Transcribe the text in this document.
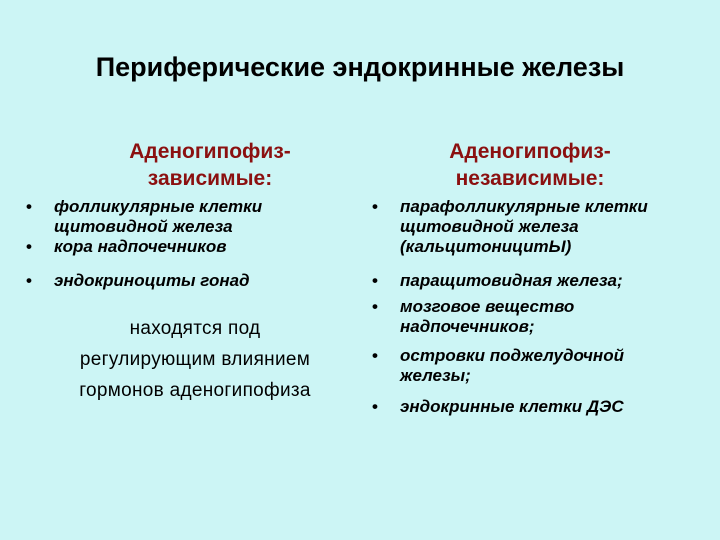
Периферические эндокринные железы
Аденогипофиз-
зависимые:
Аденогипофиз-
независимые:
• фолликулярные клетки щитовидной железа
• кора надпочечников
• эндокриноциты гонад
находятся под
регулирующим влиянием
гормонов аденогипофиза
• парафолликулярные клетки щитовидной железа (кальцитоницитЫ)
• паращитовидная железа;
• мозговое вещество надпочечников;
• островки поджелудочной железы;
• эндокринные клетки ДЭС
